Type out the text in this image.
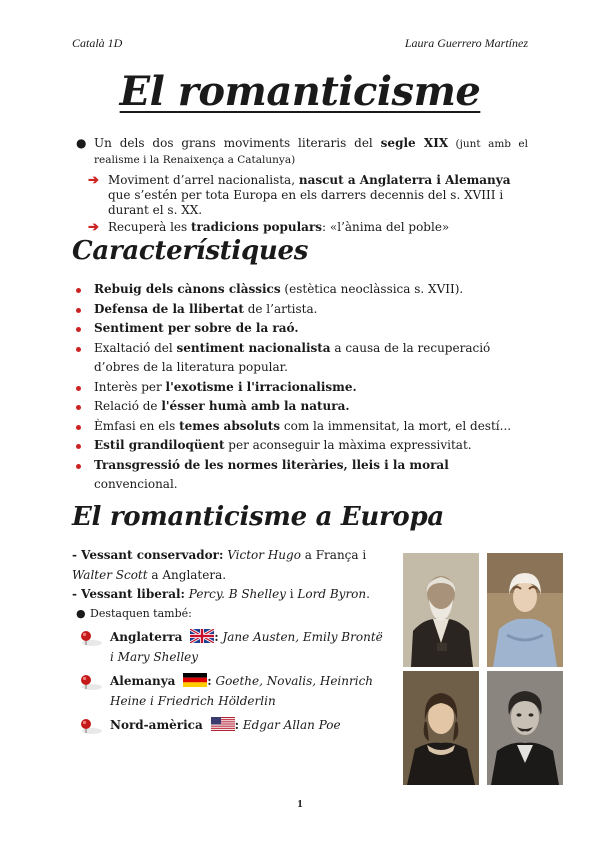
Català 1D	Laura Guerrero Martínez
El romanticisme
● Un dels dos grans moviments literaris del segle XIX (junt amb el realisme i la Renaixença a Catalunya)
➔ Moviment d’arrel nacionalista, nascut a Anglaterra i Alemanya que s’estén per tota Europa en els darrers decennis del s. XVIII i durant el s. XX.
➔ Recuperà les tradicions populars: «l’ànima del poble»
Característiques
Rebuig dels cànons clàssics (estètica neoclàssica s. XVII).
Defensa de la llibertat de l’artista.
Sentiment per sobre de la raó.
Exaltació del sentiment nacionalista a causa de la recuperació d’obres de la literatura popular.
Interès per l'exotisme i l'irracionalisme.
Relació de l'ésser humà amb la natura.
Èmfasi en els temes absoluts com la immensitat, la mort, el destí...
Estil grandiloqüent per aconseguir la màxima expressivitat.
Transgressió de les normes literàries, lleis i la moral convencional.
El romanticisme a Europa
- Vessant conservador: Victor Hugo a França i Walter Scott a Anglatera.
- Vessant liberal: Percy. B Shelley i Lord Byron.
● Destaquen també:
Anglaterra	: Jane Austen, Emily Brontë i Mary Shelley
Alemanya	: Goethe, Novalis, Heinrich Heine i Friedrich Hölderlin
Nord-amèrica	: Edgar Allan Poe
1
